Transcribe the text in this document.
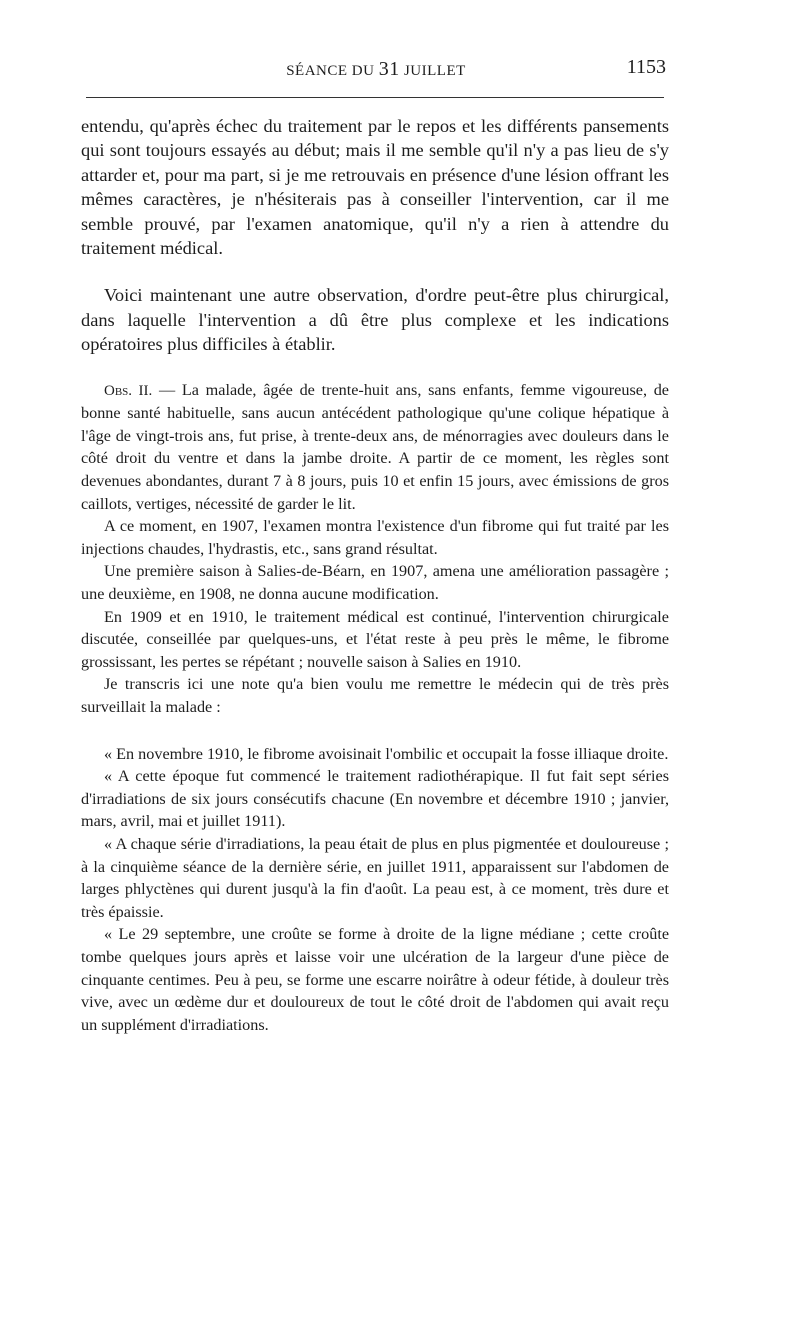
SÉANCE DU 31 JUILLET	1153

entendu, qu'après échec du traitement par le repos et les différents pansements qui sont toujours essayés au début; mais il me semble qu'il n'y a pas lieu de s'y attarder et, pour ma part, si je me retrouvais en présence d'une lésion offrant les mêmes caractères, je n'hésiterais pas à conseiller l'intervention, car il me semble prouvé, par l'examen anatomique, qu'il n'y a rien à attendre du traitement médical.

Voici maintenant une autre observation, d'ordre peut-être plus chirurgical, dans laquelle l'intervention a dû être plus complexe et les indications opératoires plus difficiles à établir.

Obs. II. — La malade, âgée de trente-huit ans, sans enfants, femme vigoureuse, de bonne santé habituelle, sans aucun antécédent pathologique qu'une colique hépatique à l'âge de vingt-trois ans, fut prise, à trente-deux ans, de ménorragies avec douleurs dans le côté droit du ventre et dans la jambe droite. A partir de ce moment, les règles sont devenues abondantes, durant 7 à 8 jours, puis 10 et enfin 15 jours, avec émissions de gros caillots, vertiges, nécessité de garder le lit.

A ce moment, en 1907, l'examen montra l'existence d'un fibrome qui fut traité par les injections chaudes, l'hydrastis, etc., sans grand résultat.

Une première saison à Salies-de-Béarn, en 1907, amena une amélioration passagère ; une deuxième, en 1908, ne donna aucune modification.

En 1909 et en 1910, le traitement médical est continué, l'intervention chirurgicale discutée, conseillée par quelques-uns, et l'état reste à peu près le même, le fibrome grossissant, les pertes se répétant ; nouvelle saison à Salies en 1910.

Je transcris ici une note qu'a bien voulu me remettre le médecin qui de très près surveillait la malade :

« En novembre 1910, le fibrome avoisinait l'ombilic et occupait la fosse illiaque droite.

« A cette époque fut commencé le traitement radiothérapique. Il fut fait sept séries d'irradiations de six jours consécutifs chacune (En novembre et décembre 1910 ; janvier, mars, avril, mai et juillet 1911).

« A chaque série d'irradiations, la peau était de plus en plus pigmentée et douloureuse ; à la cinquième séance de la dernière série, en juillet 1911, apparaissent sur l'abdomen de larges phlyctènes qui durent jusqu'à la fin d'août. La peau est, à ce moment, très dure et très épaissie.

« Le 29 septembre, une croûte se forme à droite de la ligne médiane ; cette croûte tombe quelques jours après et laisse voir une ulcération de la largeur d'une pièce de cinquante centimes. Peu à peu, se forme une escarre noirâtre à odeur fétide, à douleur très vive, avec un œdème dur et douloureux de tout le côté droit de l'abdomen qui avait reçu un supplément d'irradiations.
